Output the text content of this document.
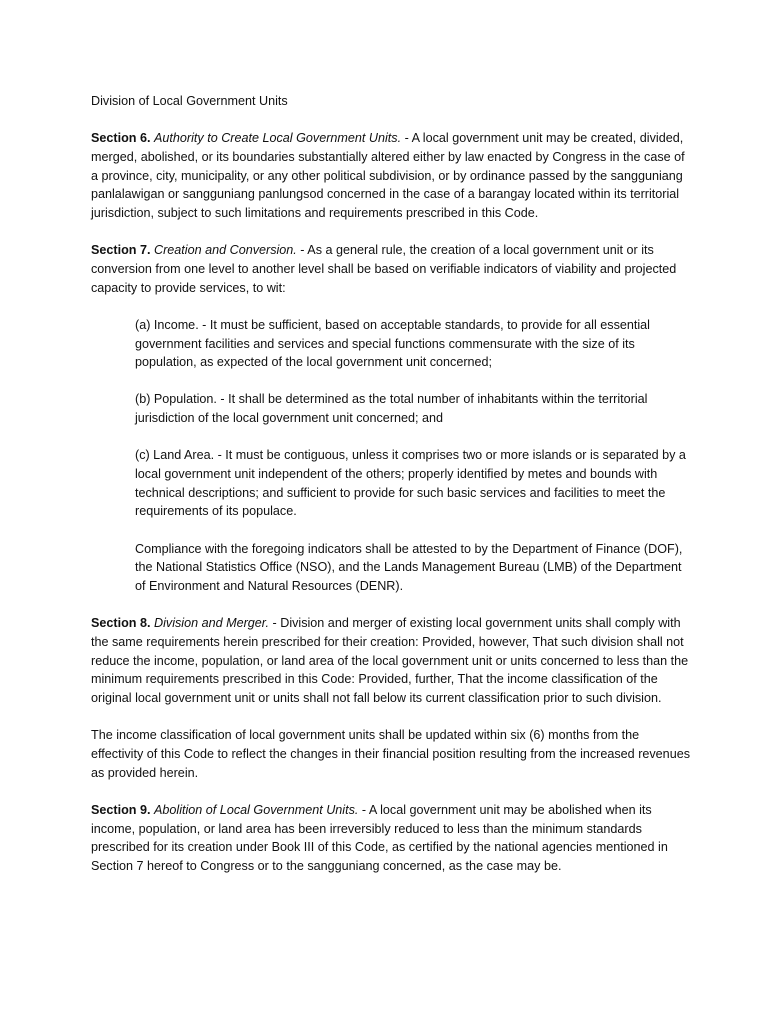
Division of Local Government Units

Section 6. Authority to Create Local Government Units. - A local government unit may be created, divided, merged, abolished, or its boundaries substantially altered either by law enacted by Congress in the case of a province, city, municipality, or any other political subdivision, or by ordinance passed by the sangguniang panlalawigan or sangguniang panlungsod concerned in the case of a barangay located within its territorial jurisdiction, subject to such limitations and requirements prescribed in this Code.

Section 7. Creation and Conversion. - As a general rule, the creation of a local government unit or its conversion from one level to another level shall be based on verifiable indicators of viability and projected capacity to provide services, to wit:

(a) Income. - It must be sufficient, based on acceptable standards, to provide for all essential government facilities and services and special functions commensurate with the size of its population, as expected of the local government unit concerned;

(b) Population. - It shall be determined as the total number of inhabitants within the territorial jurisdiction of the local government unit concerned; and

(c) Land Area. - It must be contiguous, unless it comprises two or more islands or is separated by a local government unit independent of the others; properly identified by metes and bounds with technical descriptions; and sufficient to provide for such basic services and facilities to meet the requirements of its populace.

Compliance with the foregoing indicators shall be attested to by the Department of Finance (DOF), the National Statistics Office (NSO), and the Lands Management Bureau (LMB) of the Department of Environment and Natural Resources (DENR).

Section 8. Division and Merger. - Division and merger of existing local government units shall comply with the same requirements herein prescribed for their creation: Provided, however, That such division shall not reduce the income, population, or land area of the local government unit or units concerned to less than the minimum requirements prescribed in this Code: Provided, further, That the income classification of the original local government unit or units shall not fall below its current classification prior to such division.

The income classification of local government units shall be updated within six (6) months from the effectivity of this Code to reflect the changes in their financial position resulting from the increased revenues as provided herein.

Section 9. Abolition of Local Government Units. - A local government unit may be abolished when its income, population, or land area has been irreversibly reduced to less than the minimum standards prescribed for its creation under Book III of this Code, as certified by the national agencies mentioned in Section 7 hereof to Congress or to the sangguniang concerned, as the case may be.
